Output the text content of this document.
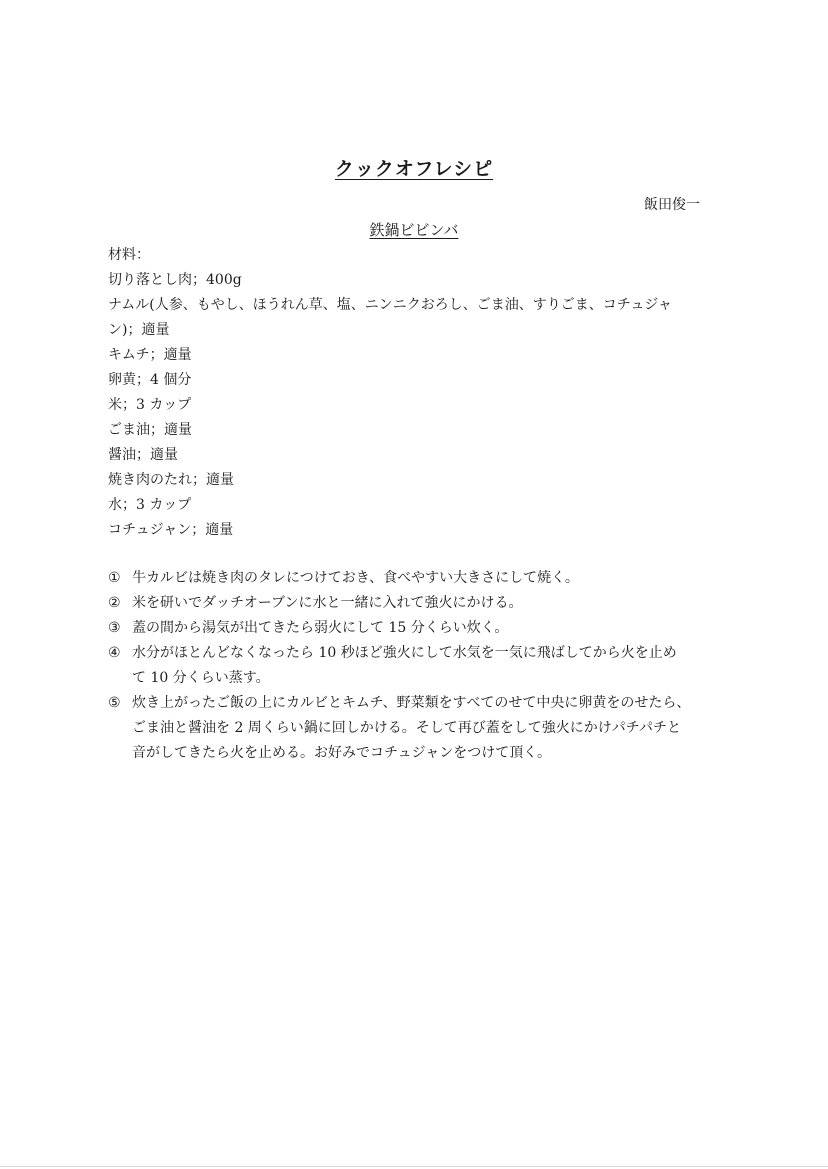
クックオフレシピ
飯田俊一
鉄鍋ビビンバ
材料：
切り落とし肉；400g
ナムル(人参、もやし、ほうれん草、塩、ニンニクおろし、ごま油、すりごま、コチュジャ
ン)；適量
キムチ；適量
卵黄；4 個分
米；3 カップ
ごま油；適量
醤油；適量
焼き肉のたれ；適量
水；3 カップ
コチュジャン；適量
① 牛カルビは焼き肉のタレにつけておき、食べやすい大きさにして焼く。
② 米を研いでダッチオーブンに水と一緒に入れて強火にかける。
③ 蓋の間から湯気が出てきたら弱火にして 15 分くらい炊く。
④ 水分がほとんどなくなったら 10 秒ほど強火にして水気を一気に飛ばしてから火を止め
て 10 分くらい蒸す。
⑤ 炊き上がったご飯の上にカルビとキムチ、野菜類をすべてのせて中央に卵黄をのせたら、
ごま油と醤油を 2 周くらい鍋に回しかける。そして再び蓋をして強火にかけパチパチと
音がしてきたら火を止める。お好みでコチュジャンをつけて頂く。
